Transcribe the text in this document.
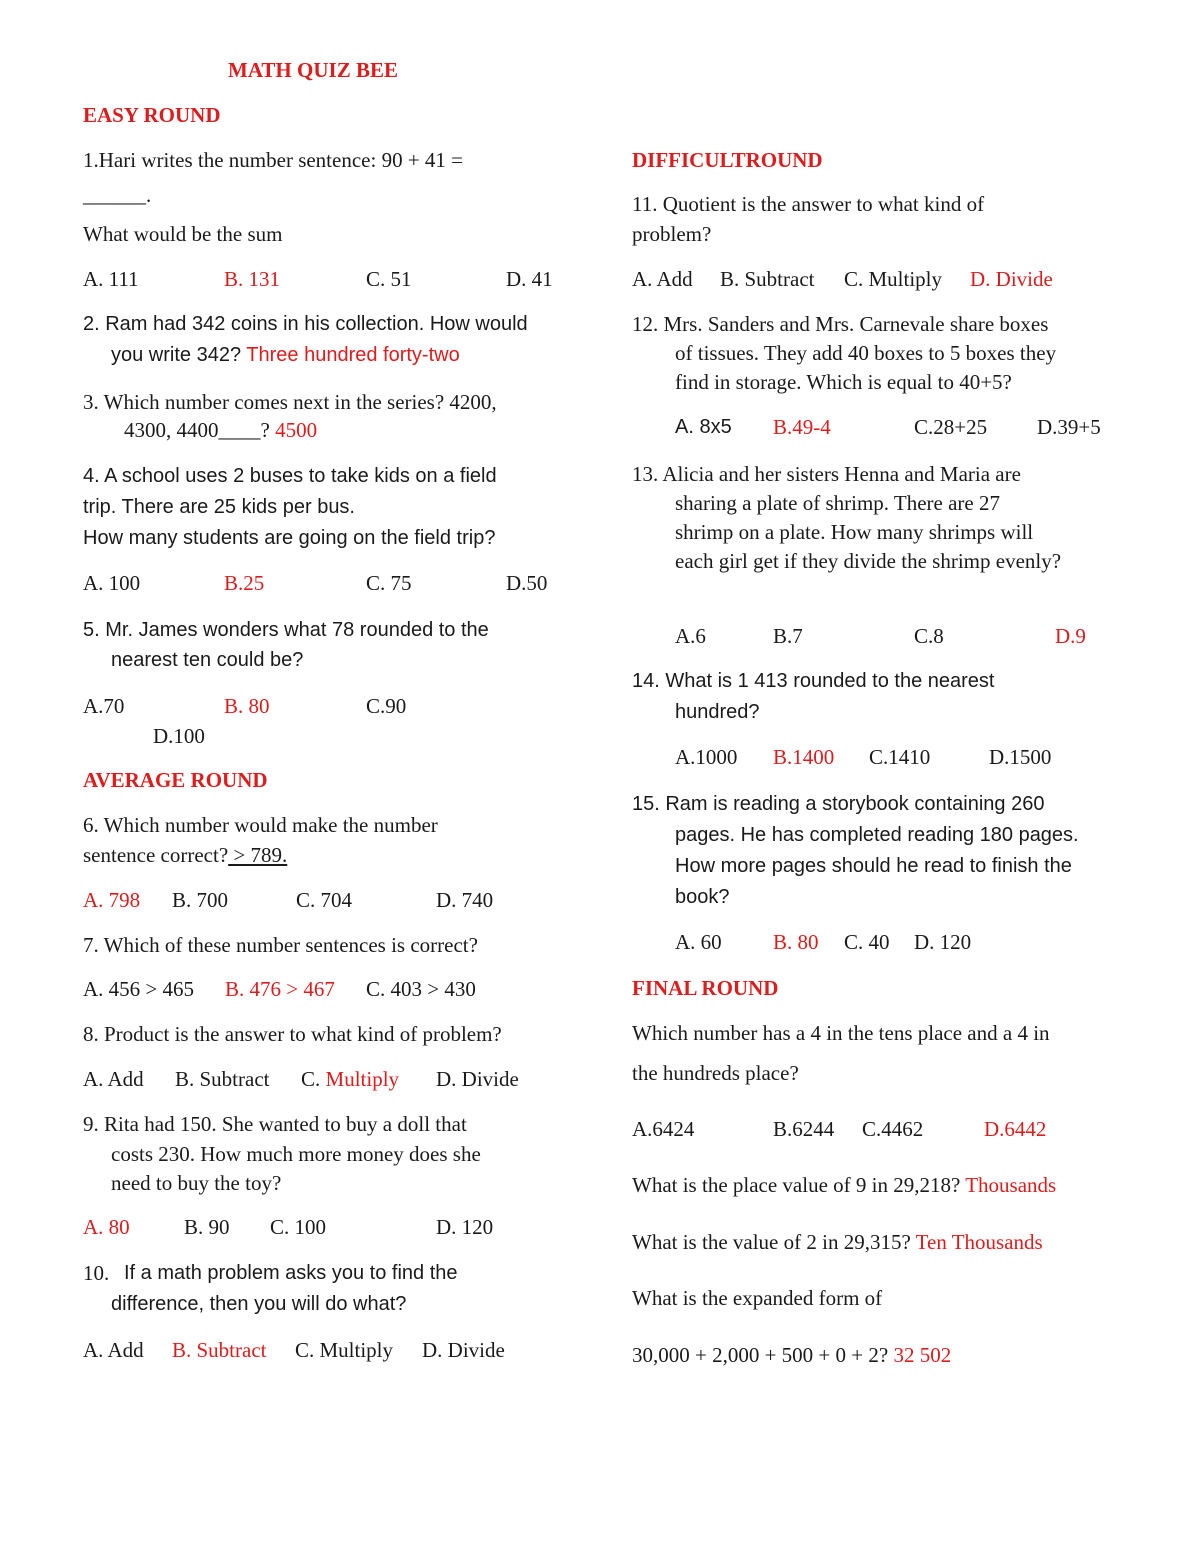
MATH QUIZ BEE
EASY ROUND
1.Hari writes the number sentence: 90 + 41 =
______.
What would be the sum
A. 111	B. 131	C. 51	D. 41
2. Ram had 342 coins in his collection. How would
you write 342? Three hundred forty-two
3. Which number comes next in the series? 4200,
4300, 4400____? 4500
4. A school uses 2 buses to take kids on a field
trip. There are 25 kids per bus.
How many students are going on the field trip?
A. 100	B.25	C. 75	D.50
5. Mr. James wonders what 78 rounded to the
nearest ten could be?
A.70	B. 80	C.90
D.100
AVERAGE ROUND
6. Which number would make the number
sentence correct? > 789.
A. 798 B. 700	C. 704	D. 740
7. Which of these number sentences is correct?
A. 456 > 465 B. 476 > 467 C. 403 > 430
8. Product is the answer to what kind of problem?
A. Add B. Subtract C. Multiply D. Divide
9. Rita had 150. She wanted to buy a doll that
costs 230. How much more money does she
need to buy the toy?
A. 80	B. 90 C. 100	D. 120
10. If a math problem asks you to find the
difference, then you will do what?
A. Add B. Subtract C. Multiply D. Divide
DIFFICULTROUND
11. Quotient is the answer to what kind of
problem?
A. Add B. Subtract C. Multiply D. Divide
12. Mrs. Sanders and Mrs. Carnevale share boxes
of tissues. They add 40 boxes to 5 boxes they
find in storage. Which is equal to 40+5?
A. 8x5 B.49-4	C.28+25 D.39+5
13. Alicia and her sisters Henna and Maria are
sharing a plate of shrimp. There are 27
shrimp on a plate. How many shrimps will
each girl get if they divide the shrimp evenly?
A.6	B.7	C.8	D.9
14. What is 1 413 rounded to the nearest
hundred?
A.1000 B.1400 C.1410	D.1500
15. Ram is reading a storybook containing 260
pages. He has completed reading 180 pages.
How more pages should he read to finish the
book?
A. 60 B. 80 C. 40 D. 120
FINAL ROUND
Which number has a 4 in the tens place and a 4 in
the hundreds place?
A.6424	B.6244 C.4462	D.6442
What is the place value of 9 in 29,218? Thousands
What is the value of 2 in 29,315? Ten Thousands
What is the expanded form of
30,000 + 2,000 + 500 + 0 + 2? 32 502
